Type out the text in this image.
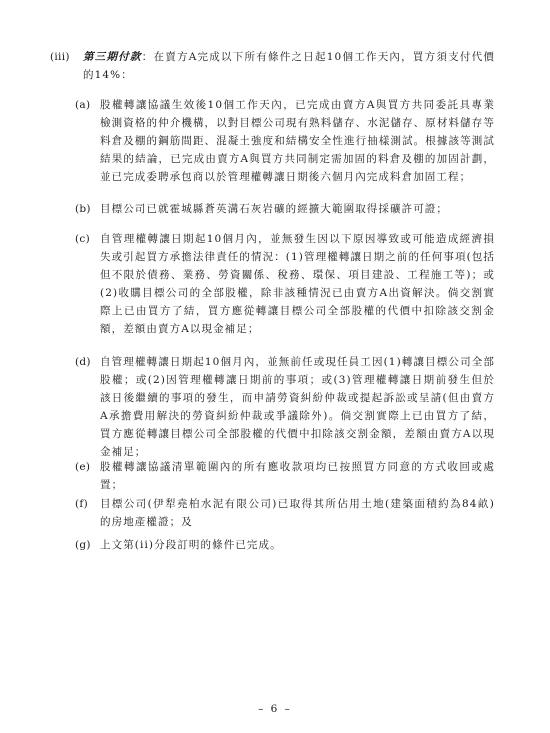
(iii) 第三期付款：在賣方A完成以下所有條件之日起10個工作天內，買方須支付代價的14%：
(a) 股權轉讓協議生效後10個工作天內，已完成由賣方A與買方共同委託具專業檢測資格的仲介機構，以對目標公司現有熟料儲存、水泥儲存、原材料儲存等料倉及棚的鋼筋間距、混凝土強度和結構安全性進行抽樣測試。根據該等測試結果的結論，已完成由賣方A與買方共同制定需加固的料倉及棚的加固計劃，並已完成委聘承包商以於管理權轉讓日期後六個月內完成料倉加固工程；
(b) 目標公司已就霍城縣蒼英溝石灰岩礦的經擴大範圍取得採礦許可證；
(c) 自管理權轉讓日期起10個月內，並無發生因以下原因導致或可能造成經濟損失或引起買方承擔法律責任的情況：(1)管理權轉讓日期之前的任何事項(包括但不限於債務、業務、勞資關係、稅務、環保、項目建設、工程施工等)；或(2)收購目標公司的全部股權，除非該種情況已由賣方A出資解決。倘交割實際上已由買方了結，買方應從轉讓目標公司全部股權的代價中扣除該交割金額，差額由賣方A以現金補足；
(d) 自管理權轉讓日期起10個月內，並無前任或現任員工因(1)轉讓目標公司全部股權；或(2)因管理權轉讓日期前的事項；或(3)管理權轉讓日期前發生但於該日後繼續的事項的發生，而申請勞資糾紛仲裁或提起訴訟或呈請(但由賣方A承擔費用解決的勞資糾紛仲裁或爭議除外)。倘交割實際上已由買方了結，買方應從轉讓目標公司全部股權的代價中扣除該交割金額，差額由賣方A以現金補足；
(e) 股權轉讓協議清單範圍內的所有應收款項均已按照買方同意的方式收回或處置；
(f) 目標公司(伊犁堯柏水泥有限公司)已取得其所佔用土地(建築面積約為84畝)的房地產權證；及
(g) 上文第(ii)分段訂明的條件已完成。
– 6 –
